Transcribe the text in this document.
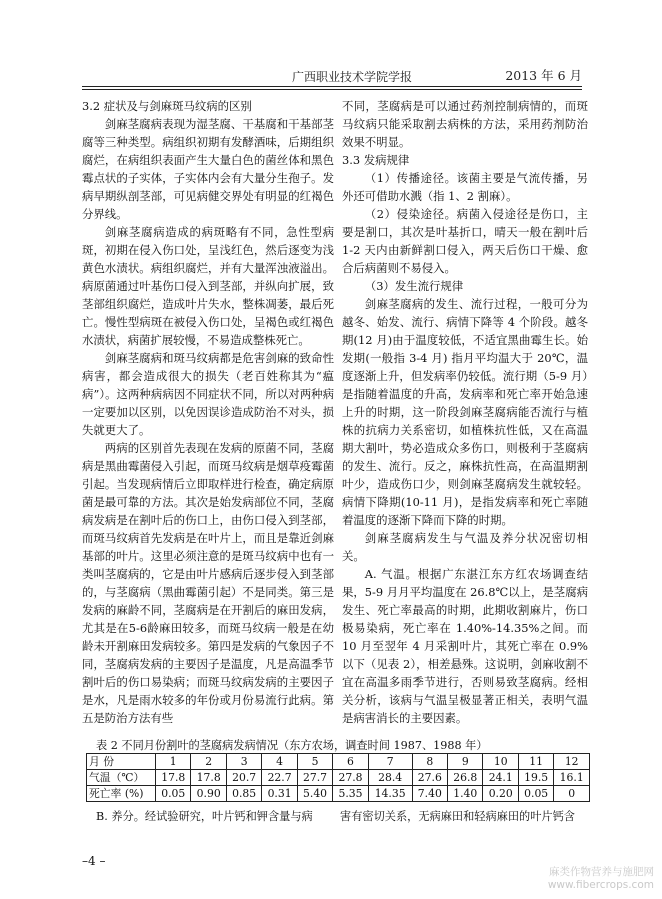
广西职业技术学院学报	2013 年 6 月
3.2 症状及与剑麻斑马纹病的区别

剑麻茎腐病表现为湿茎腐、干基腐和干基部茎腐等三种类型。病组织初期有发酵酒味，后期组织腐烂，在病组织表面产生大量白色的菌丝体和黑色霉点状的子实体，子实体内会有大量分生孢子。发病早期纵剖茎部，可见病健交界处有明显的红褐色分界线。

剑麻茎腐病造成的病斑略有不同，急性型病斑，初期在侵入伤口处，呈浅红色，然后逐变为浅黄色水渍状。病组织腐烂，并有大量浑浊液溢出。病原菌通过叶基伤口侵入到茎部，并纵向扩展，致茎部组织腐烂，造成叶片失水，整株凋萎，最后死亡。慢性型病斑在被侵入伤口处，呈褐色或红褐色水渍状，病菌扩展较慢，不易造成整株死亡。

剑麻茎腐病和斑马纹病都是危害剑麻的致命性病害，都会造成很大的损失（老百姓称其为“瘟病”）。这两种病病因不同症状不同，所以对两种病一定要加以区别，以免因误诊造成防治不对头，损失就更大了。

两病的区别首先表现在发病的原菌不同，茎腐病是黑曲霉菌侵入引起，而斑马纹病是烟草疫霉菌引起。当发现病情后立即取样进行检查，确定病原菌是最可靠的方法。其次是始发病部位不同，茎腐病发病是在割叶后的伤口上，由伤口侵入到茎部，而斑马纹病首先发病是在叶片上，而且是靠近剑麻基部的叶片。这里必须注意的是斑马纹病中也有一类叫茎腐病的，它是由叶片感病后逐步侵入到茎部的，与茎腐病（黑曲霉菌引起）不是同类。第三是发病的麻龄不同，茎腐病是在开割后的麻田发病，尤其是在5-6龄麻田较多，而斑马纹病一般是在幼龄未开割麻田发病较多。第四是发病的气象因子不同，茎腐病发病的主要因子是温度，凡是高温季节割叶后的伤口易染病；而斑马纹病发病的主要因子是水，凡是雨水较多的年份或月份易流行此病。第五是防治方法有些

不同，茎腐病是可以通过药剂控制病情的，而斑马纹病只能采取割去病株的方法，采用药剂防治效果不明显。

3.3 发病规律

（1）传播途径。该菌主要是气流传播，另外还可借助水溅（指 1、2 割麻）。

（2）侵染途径。病菌入侵途径是伤口，主要是割口，其次是叶基折口，晴天一般在割叶后 1-2 天内由新鲜割口侵入，两天后伤口干燥、愈合后病菌则不易侵入。

（3）发生流行规律

剑麻茎腐病的发生、流行过程，一般可分为越冬、始发、流行、病情下降等 4 个阶段。越冬期(12 月)由于温度较低，不适宜黑曲霉生长。始发期(一般指 3-4 月) 指月平均温大于 20℃，温度逐渐上升，但发病率仍较低。流行期（5-9 月）是指随着温度的升高，发病率和死亡率开始急速上升的时期，这一阶段剑麻茎腐病能否流行与植株的抗病力关系密切，如植株抗性低，又在高温期大割叶，势必造成众多伤口，则极利于茎腐病的发生、流行。反之，麻株抗性高，在高温期割叶少，造成伤口少，则剑麻茎腐病发生就较轻。病情下降期(10-11 月)，是指发病率和死亡率随着温度的逐渐下降而下降的时期。

剑麻茎腐病发生与气温及养分状况密切相关。

A. 气温。根据广东湛江东方红农场调查结果，5-9 月月平均温度在 26.8℃以上，是茎腐病发生、死亡率最高的时期，此期收割麻片，伤口极易染病，死亡率在 1.40%-14.35%之间。而 10 月至翌年 4 月采割叶片，其死亡率在 0.9%以下（见表 2），相差悬殊。这说明，剑麻收割不宜在高温多雨季节进行，否则易致茎腐病。经相关分析，该病与气温呈极显著正相关，表明气温是病害消长的主要因素。

表 2 不同月份割叶的茎腐病发病情况（东方农场，调查时间 1987、1988 年）
月 份	1	2	3	4	5	6	7	8	9	10	11	12
气温（℃）	17.8	17.8	20.7	22.7	27.7	27.8	28.4	27.6	26.8	24.1	19.5	16.1
死亡率 (%)	0.05	0.90	0.85	0.31	5.40	5.35	14.35	7.40	1.40	0.20	0.05	0
B. 养分。经试验研究，叶片钙和钾含量与病	害有密切关系，无病麻田和轻病麻田的叶片钙含
–4 –
麻类作物营养与施肥网
www.fibercrops.com
